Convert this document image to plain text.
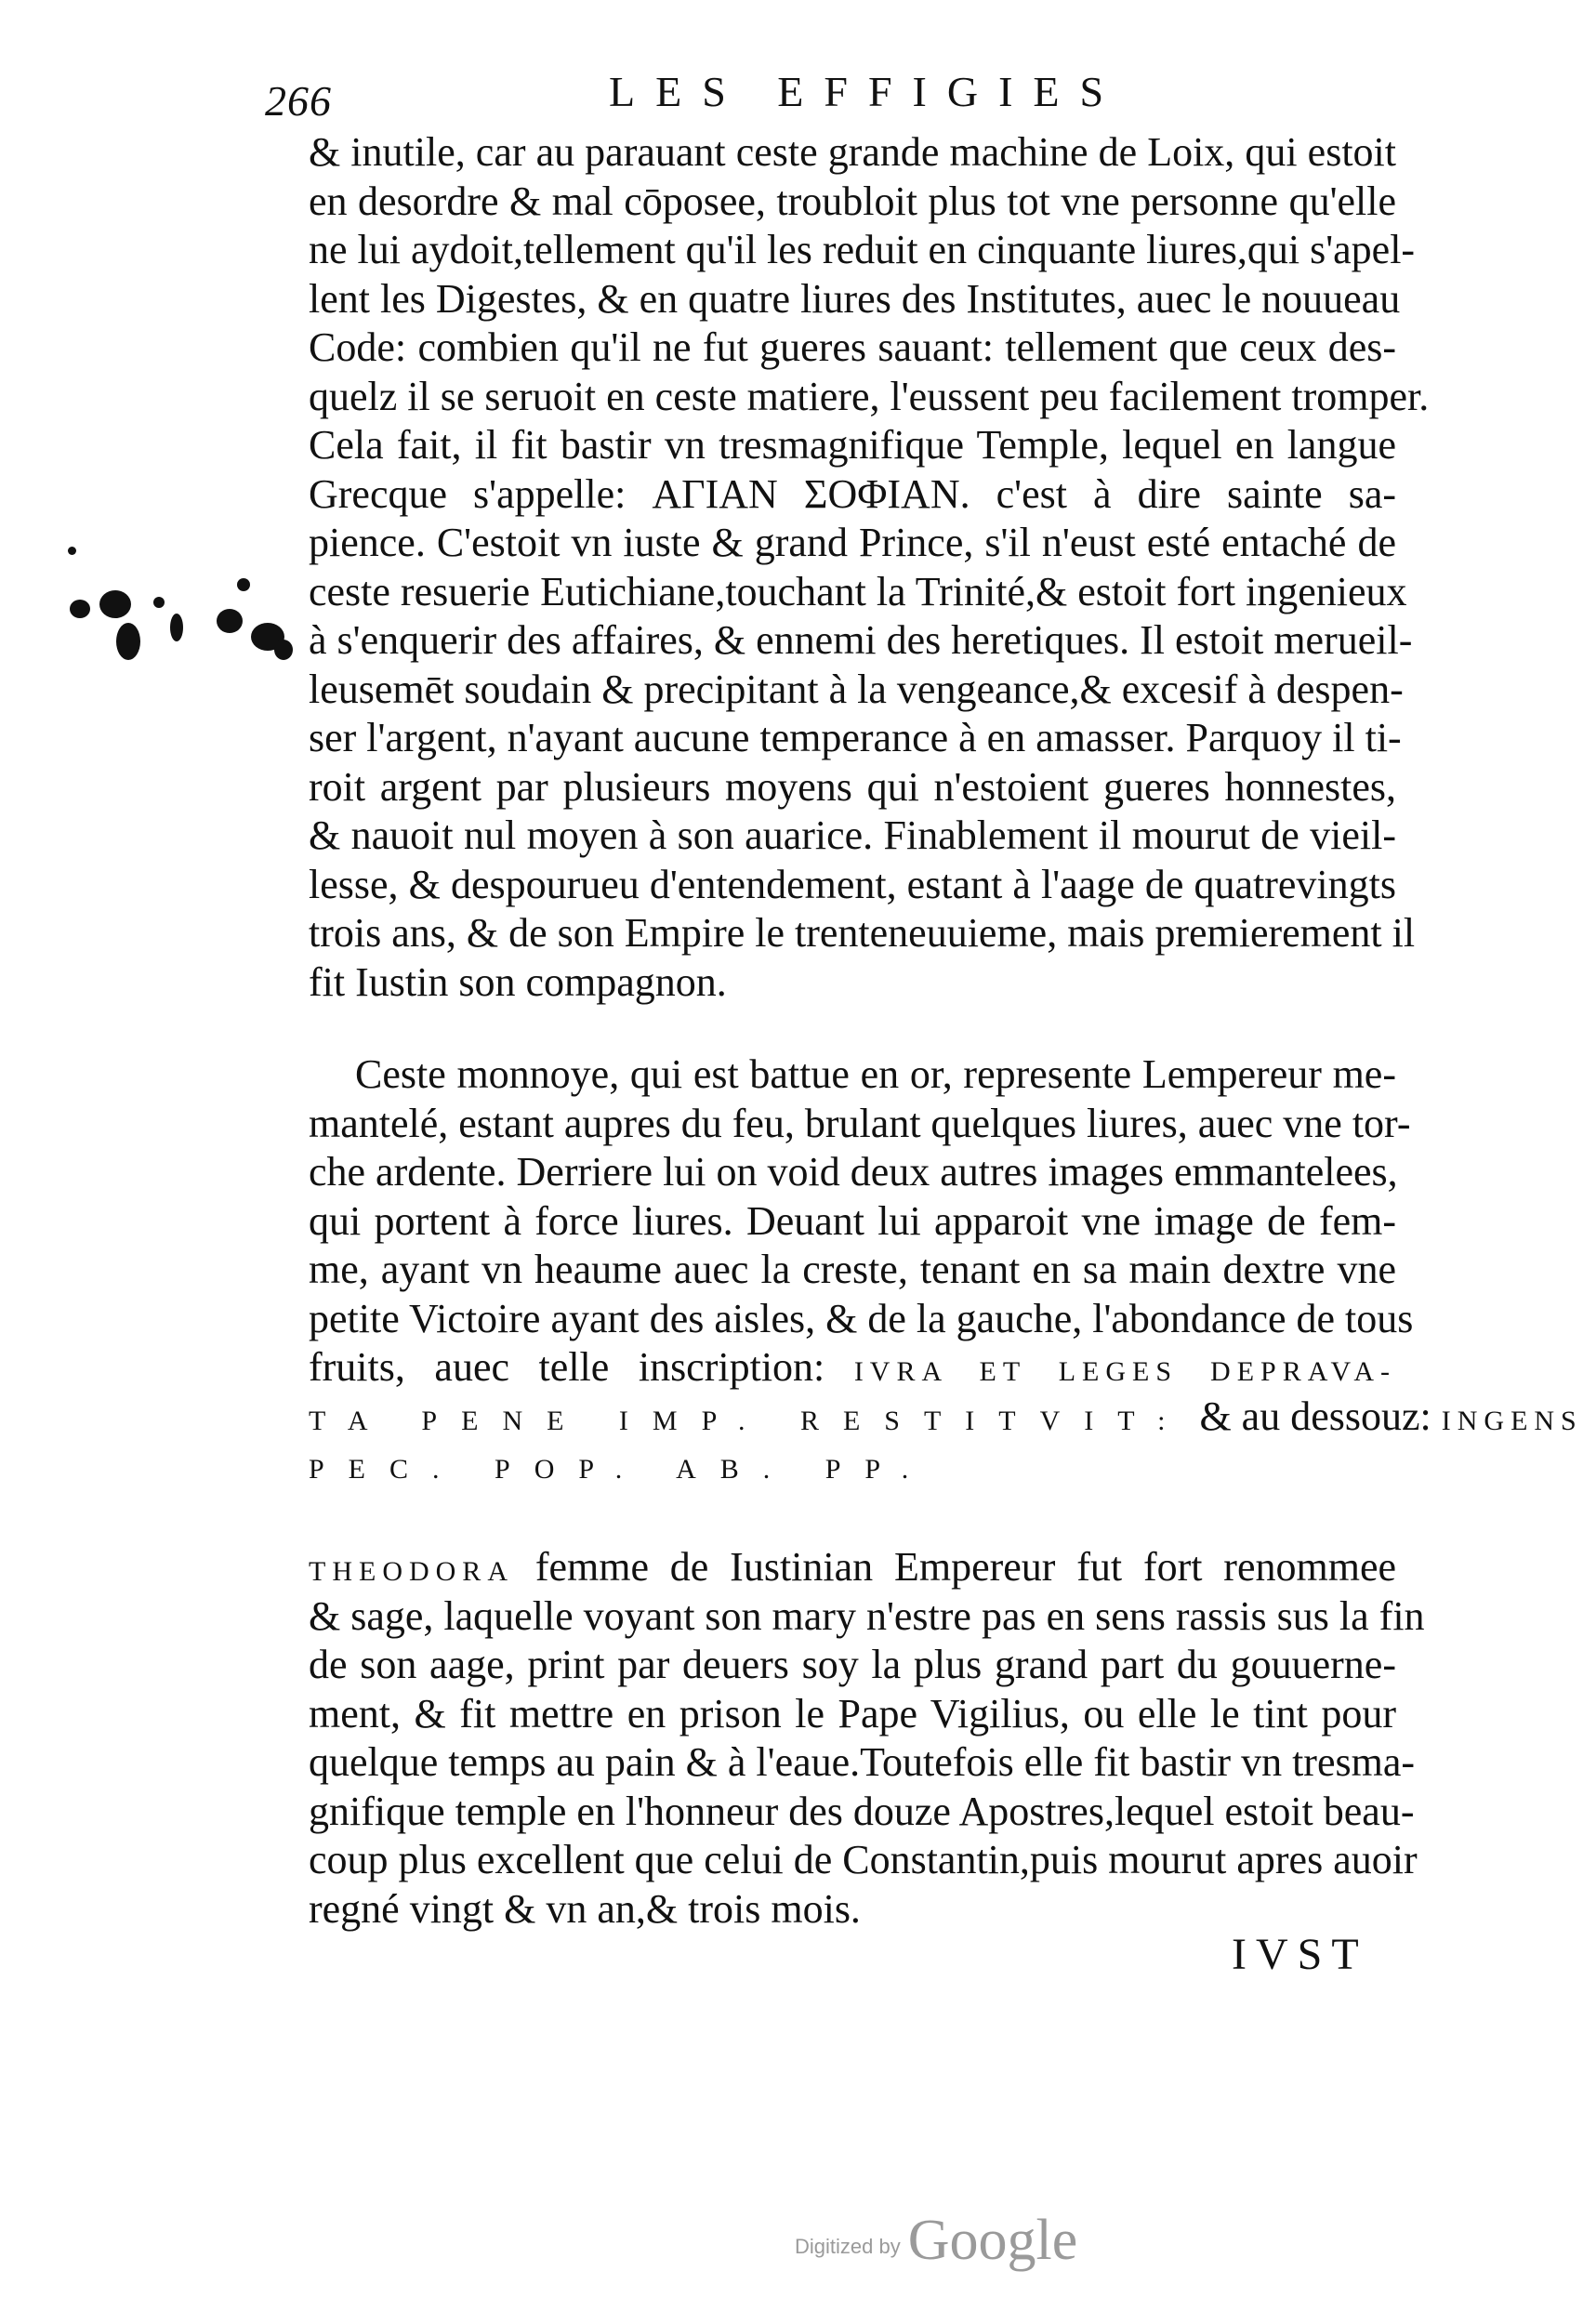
266	LES EFFIGIES
& inutile, car au parauant ceste grande machine de Loix, qui estoit
en desordre & mal cōposee, troubloit plus tot vne personne qu'elle
ne lui aydoit,tellement qu'il les reduit en cinquante liures,qui s'apel-
lent les Digestes, & en quatre liures des Institutes, auec le nouueau
Code: combien qu'il ne fut gueres sauant: tellement que ceux des-
quelz il se seruoit en ceste matiere, l'eussent peu facilement tromper.
Cela fait, il fit bastir vn tresmagnifique Temple, lequel en langue
Grecque s'appelle: ΑΓΙΑΝ ΣΟΦΙΑΝ. c'est à dire sainte sa-
pience. C'estoit vn iuste & grand Prince, s'il n'eust esté entaché de
ceste resuerie Eutichiane,touchant la Trinité,& estoit fort ingenieux
à s'enquerir des affaires, & ennemi des heretiques. Il estoit merueil-
leusemēt soudain & precipitant à la vengeance,& excesif à despen-
ser l'argent, n'ayant aucune temperance à en amasser. Parquoy il ti-
roit argent par plusieurs moyens qui n'estoient gueres honnestes,
& nauoit nul moyen à son auarice. Finablement il mourut de vieil-
lesse, & despourueu d'entendement, estant à l'aage de quatrevingts
trois ans, & de son Empire le trenteneuuieme, mais premierement il
fit Iustin son compagnon.
Ceste monnoye, qui est battue en or, represente Lempereur me-
mantelé, estant aupres du feu, brulant quelques liures, auec vne tor-
che ardente. Derriere lui on void deux autres images emmantelees,
qui portent à force liures. Deuant lui apparoit vne image de fem-
me, ayant vn heaume auec la creste, tenant en sa main dextre vne
petite Victoire ayant des aisles, & de la gauche, l'abondance de tous
fruits, auec telle inscription: IVRA ET LEGES DEPRAVA-
TA PENE IMP. RESTITVIT: & au dessouz: INGENS
PEC. POP. AB. PP.
THEODORA femme de Iustinian Empereur fut fort renommee
& sage, laquelle voyant son mary n'estre pas en sens rassis sus la fin
de son aage, print par deuers soy la plus grand part du gouuerne-
ment, & fit mettre en prison le Pape Vigilius, ou elle le tint pour
quelque temps au pain & à l'eaue.Toutefois elle fit bastir vn tresma-
gnifique temple en l'honneur des douze Apostres,lequel estoit beau-
coup plus excellent que celui de Constantin,puis mourut apres auoir
regné vingt & vn an,& trois mois.
IVST
Digitized by Google
